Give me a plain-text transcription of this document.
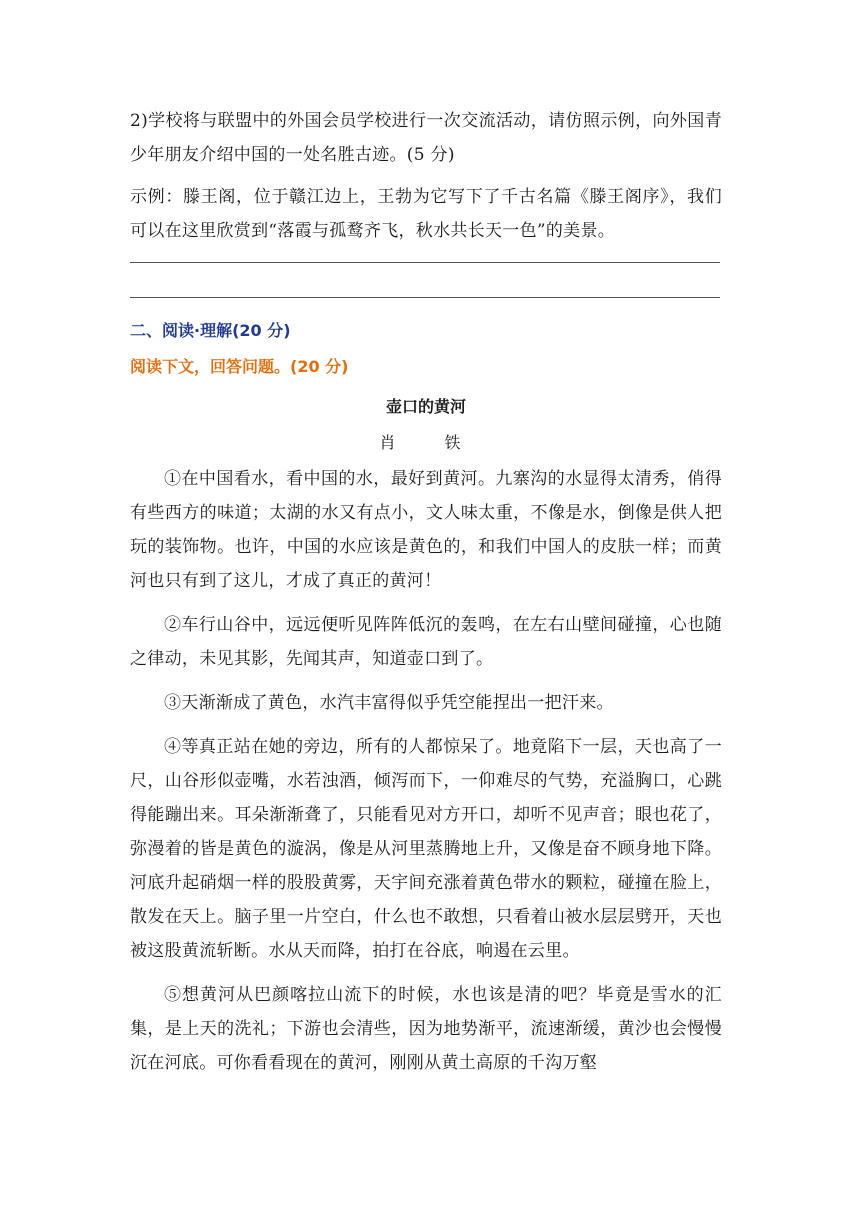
2)学校将与联盟中的外国会员学校进行一次交流活动，请仿照示例，向外国青少年朋友介绍中国的一处名胜古迹。(5 分)

示例：滕王阁，位于赣江边上，王勃为它写下了千古名篇《滕王阁序》，我们可以在这里欣赏到“落霞与孤鹜齐飞，秋水共长天一色”的美景。

二、阅读·理解(20 分)

阅读下文，回答问题。(20 分)

壶口的黄河

肖 铁

①在中国看水，看中国的水，最好到黄河。九寨沟的水显得太清秀，俏得有些西方的味道；太湖的水又有点小，文人味太重，不像是水，倒像是供人把玩的装饰物。也许，中国的水应该是黄色的，和我们中国人的皮肤一样；而黄河也只有到了这儿，才成了真正的黄河！

②车行山谷中，远远便听见阵阵低沉的轰鸣，在左右山壁间碰撞，心也随之律动，未见其影，先闻其声，知道壶口到了。

③天渐渐成了黄色，水汽丰富得似乎凭空能捏出一把汗来。

④等真正站在她的旁边，所有的人都惊呆了。地竟陷下一层，天也高了一尺，山谷形似壶嘴，水若浊酒，倾泻而下，一仰难尽的气势，充溢胸口，心跳得能蹦出来。耳朵渐渐聋了，只能看见对方开口，却听不见声音；眼也花了，弥漫着的皆是黄色的漩涡，像是从河里蒸腾地上升，又像是奋不顾身地下降。河底升起硝烟一样的股股黄雾，天宇间充涨着黄色带水的颗粒，碰撞在脸上，散发在天上。脑子里一片空白，什么也不敢想，只看着山被水层层劈开，天也被这股黄流斩断。水从天而降，拍打在谷底，响遏在云里。

⑤想黄河从巴颜喀拉山流下的时候，水也该是清的吧？毕竟是雪水的汇集，是上天的洗礼；下游也会清些，因为地势渐平，流速渐缓，黄沙也会慢慢沉在河底。可你看看现在的黄河，刚刚从黄土高原的千沟万壑
